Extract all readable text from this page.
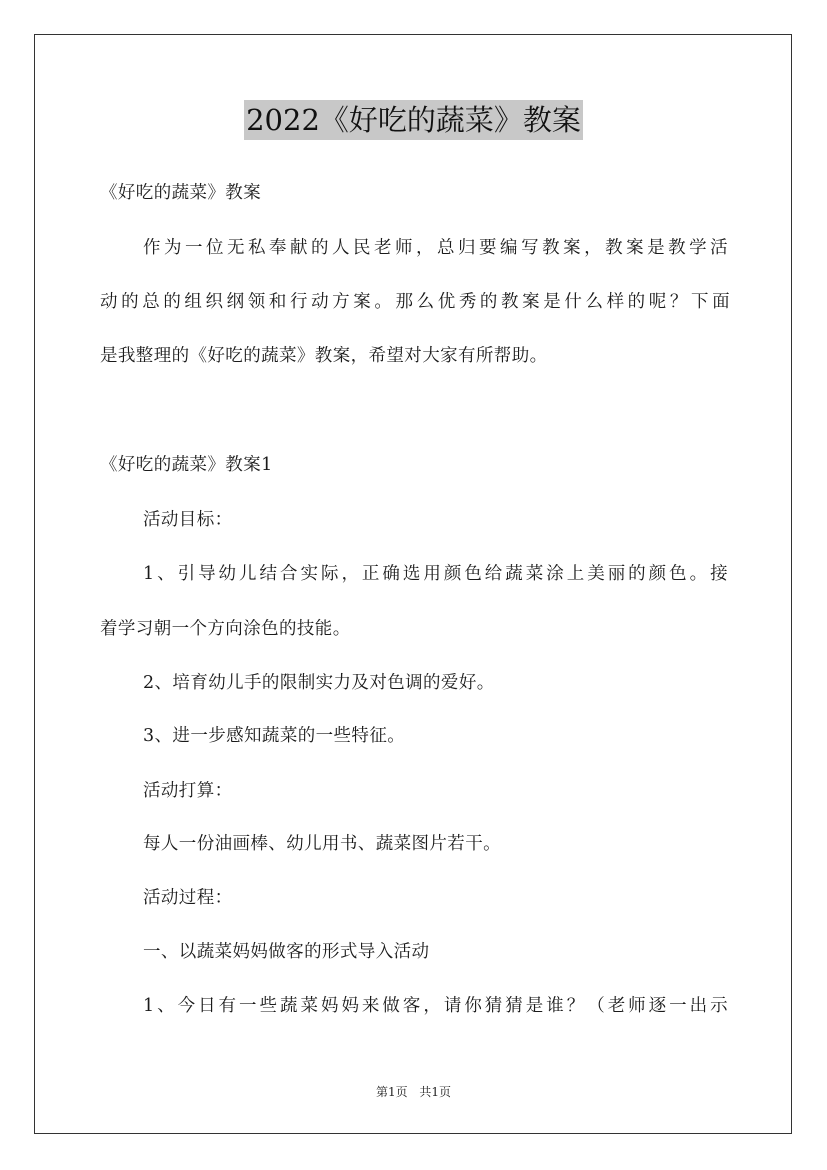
2022《好吃的蔬菜》教案
《好吃的蔬菜》教案
作为一位无私奉献的人民老师，总归要编写教案，教案是教学活
动的总的组织纲领和行动方案。那么优秀的教案是什么样的呢？下面
是我整理的《好吃的蔬菜》教案，希望对大家有所帮助。
《好吃的蔬菜》教案1
活动目标：
1、引导幼儿结合实际，正确选用颜色给蔬菜涂上美丽的颜色。接
着学习朝一个方向涂色的技能。
2、培育幼儿手的限制实力及对色调的爱好。
3、进一步感知蔬菜的一些特征。
活动打算：
每人一份油画棒、幼儿用书、蔬菜图片若干。
活动过程：
一、以蔬菜妈妈做客的形式导入活动
1、今日有一些蔬菜妈妈来做客，请你猜猜是谁？（老师逐一出示
第1页 共1页
